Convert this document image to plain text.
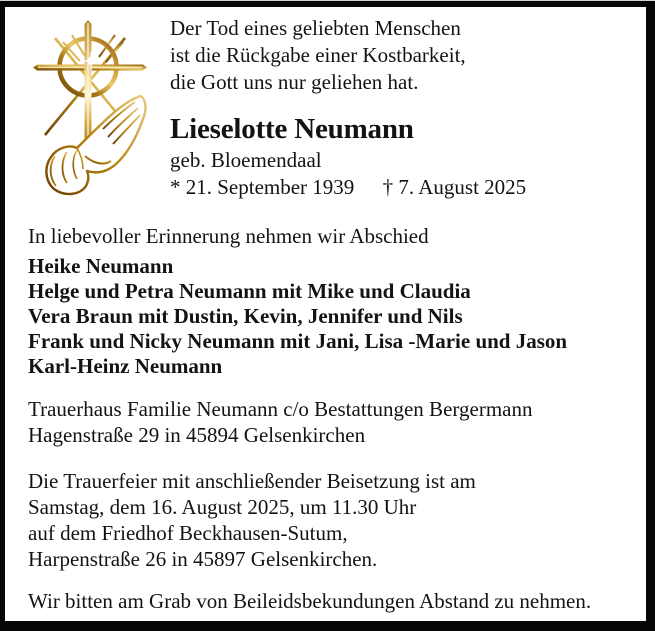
Der Tod eines geliebten Menschen
ist die Rückgabe einer Kostbarkeit,
die Gott uns nur geliehen hat.
Lieselotte Neumann
geb. Bloemendaal
* 21. September 1939 † 7. August 2025
In liebevoller Erinnerung nehmen wir Abschied
Heike Neumann
Helge und Petra Neumann mit Mike und Claudia
Vera Braun mit Dustin, Kevin, Jennifer und Nils
Frank und Nicky Neumann mit Jani, Lisa -Marie und Jason
Karl-Heinz Neumann
Trauerhaus Familie Neumann c/o Bestattungen Bergermann
Hagenstraße 29 in 45894 Gelsenkirchen
Die Trauerfeier mit anschließender Beisetzung ist am
Samstag, dem 16. August 2025, um 11.30 Uhr
auf dem Friedhof Beckhausen-Sutum,
Harpenstraße 26 in 45897 Gelsenkirchen.
Wir bitten am Grab von Beileidsbekundungen Abstand zu nehmen.
